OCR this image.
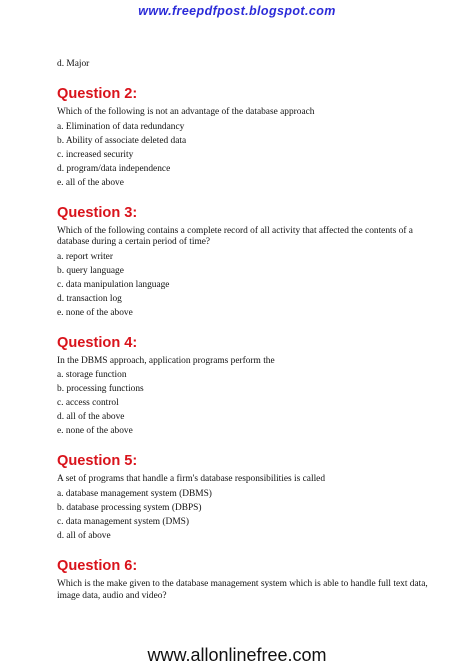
www.freepdfpost.blogspot.com

d. Major

Question 2:

Which of the following is not an advantage of the database approach

a. Elimination of data redundancy

b. Ability of associate deleted data

c. increased security

d. program/data independence

e. all of the above

Question 3:

Which of the following contains a complete record of all activity that affected the contents of a database during a certain period of time?

a. report writer

b. query language

c. data manipulation language

d. transaction log

e. none of the above

Question 4:

In the DBMS approach, application programs perform the

a. storage function

b. processing functions

c. access control

d. all of the above

e. none of the above

Question 5:

A set of programs that handle a firm's database responsibilities is called

a. database management system (DBMS)

b. database processing system (DBPS)

c. data management system (DMS)

d. all of above

Question 6:

Which is the make given to the database management system which is able to handle full text data, image data, audio and video?

www.allonlinefree.com
